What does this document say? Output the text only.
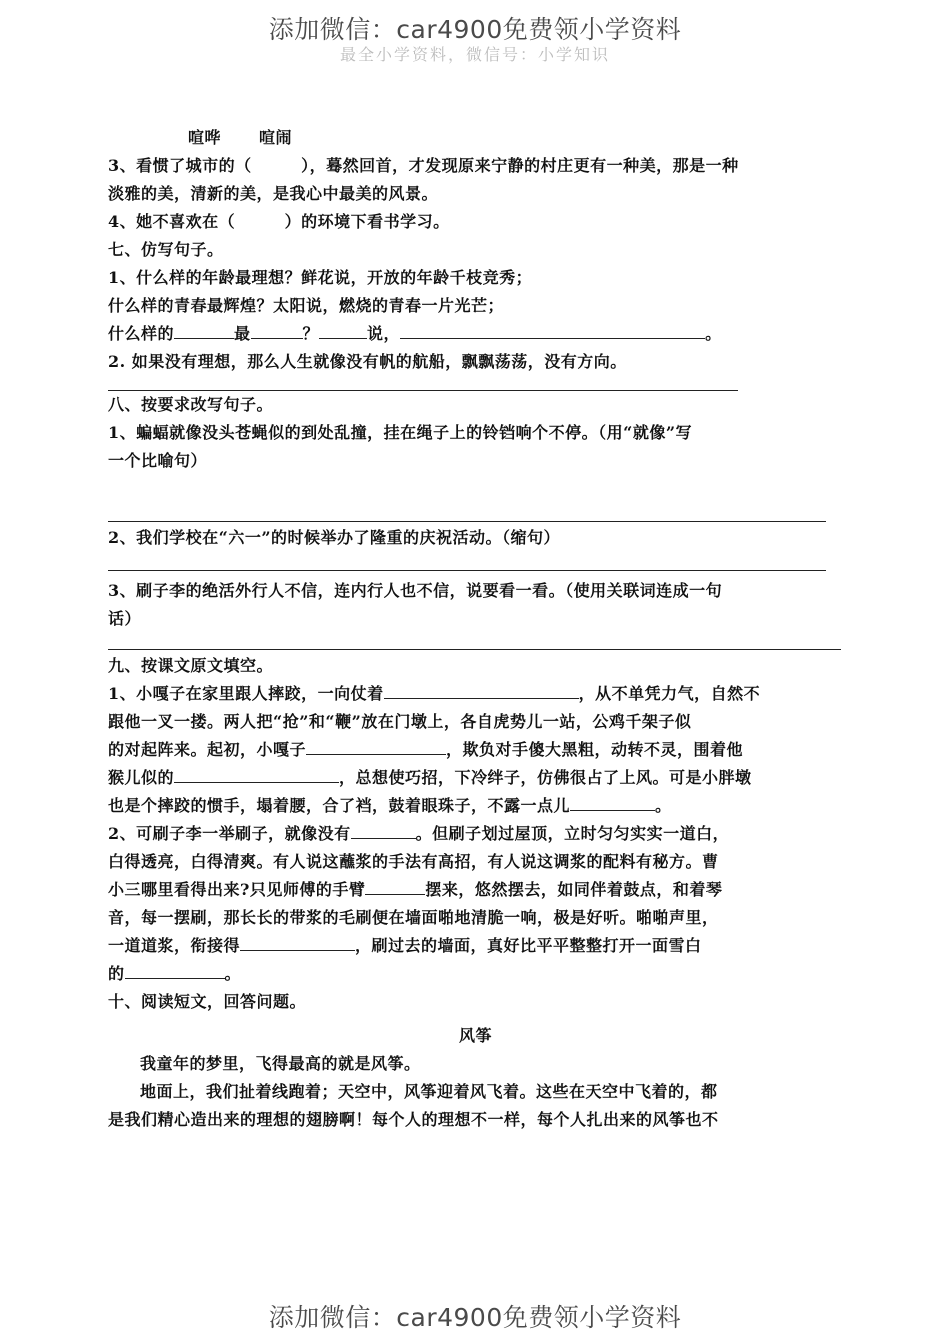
添加微信：car4900免费领小学资料
最全小学资料，微信号：小学知识
喧哗 喧闹
3、看惯了城市的（　　　），蓦然回首，才发现原来宁静的村庄更有一种美，那是一种
淡雅的美，清新的美，是我心中最美的风景。
4、她不喜欢在（　　　）的环境下看书学习。
七、仿写句子。
1、什么样的年龄最理想？鲜花说，开放的年龄千枝竞秀；
什么样的青春最辉煌？太阳说，燃烧的青春一片光芒；
什么样的	最	？	说，	。
2. 如果没有理想，那么人生就像没有帆的航船，飘飘荡荡，没有方向。
八、按要求改写句子。
1、蝙蝠就像没头苍蝇似的到处乱撞，挂在绳子上的铃铛响个不停。（用“就像”写
一个比喻句）
2、我们学校在“六一”的时候举办了隆重的庆祝活动。（缩句）
3、刷子李的绝活外行人不信，连内行人也不信，说要看一看。（使用关联词连成一句
话）
九、按课文原文填空。
1、小嘎子在家里跟人摔跤，一向仗着	，从不单凭力气，自然不
跟他一叉一搂。两人把“抢”和“鞭”放在门墩上，各自虎势儿一站，公鸡千架子似
的对起阵来。起初，小嘎子	，欺负对手傻大黑粗，动转不灵，围着他
猴儿似的	，总想使巧招，下冷绊子，仿佛很占了上风。可是小胖墩
也是个摔跤的惯手，塌着腰，合了裆，鼓着眼珠子，不露一点儿	。
2、可刷子李一举刷子，就像没有	。但刷子划过屋顶，立时匀匀实实一道白，
白得透亮，白得清爽。有人说这蘸浆的手法有高招，有人说这调浆的配料有秘方。曹
小三哪里看得出来?只见师傅的手臂	摆来，悠然摆去，如同伴着鼓点，和着琴
音，每一摆刷，那长长的带浆的毛刷便在墙面啪地清脆一响，极是好听。啪啪声里，
一道道浆，衔接得	，刷过去的墙面，真好比平平整整打开一面雪白
的	。
十、阅读短文，回答问题。
风筝
我童年的梦里，飞得最高的就是风筝。
地面上，我们扯着线跑着；天空中，风筝迎着风飞着。这些在天空中飞着的，都
是我们精心造出来的理想的翅膀啊！每个人的理想不一样，每个人扎出来的风筝也不
添加微信：car4900免费领小学资料
